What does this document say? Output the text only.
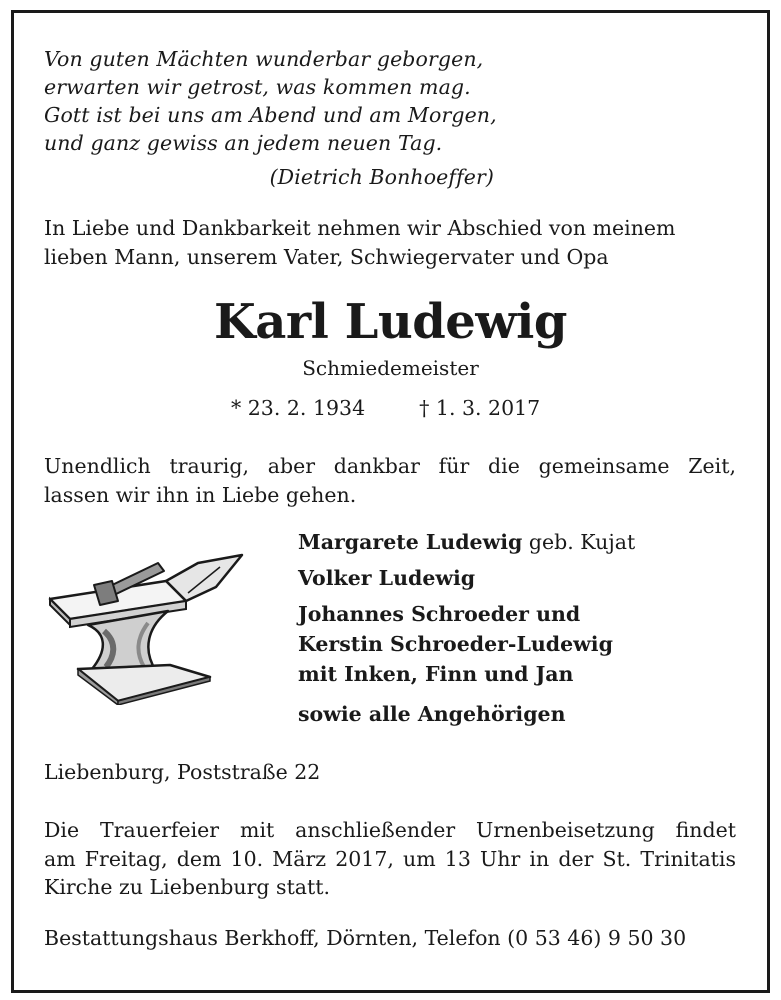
Von guten Mächten wunderbar geborgen,
erwarten wir getrost, was kommen mag.
Gott ist bei uns am Abend und am Morgen,
und ganz gewiss an jedem neuen Tag.
(Dietrich Bonhoeffer)
In Liebe und Dankbarkeit nehmen wir Abschied von meinem
lieben Mann, unserem Vater, Schwiegervater und Opa
Karl Ludewig
Schmiedemeister
* 23. 2. 1934	† 1. 3. 2017
Unendlich traurig, aber dankbar für die gemeinsame Zeit,
lassen wir ihn in Liebe gehen.
Margarete Ludewig geb. Kujat
Volker Ludewig
Johannes Schroeder und
Kerstin Schroeder-Ludewig
mit Inken, Finn und Jan
sowie alle Angehörigen
Liebenburg, Poststraße 22
Die Trauerfeier mit anschließender Urnenbeisetzung findet
am Freitag, dem 10. März 2017, um 13 Uhr in der St. Trinitatis
Kirche zu Liebenburg statt.
Bestattungshaus Berkhoff, Dörnten, Telefon (0 53 46) 9 50 30
